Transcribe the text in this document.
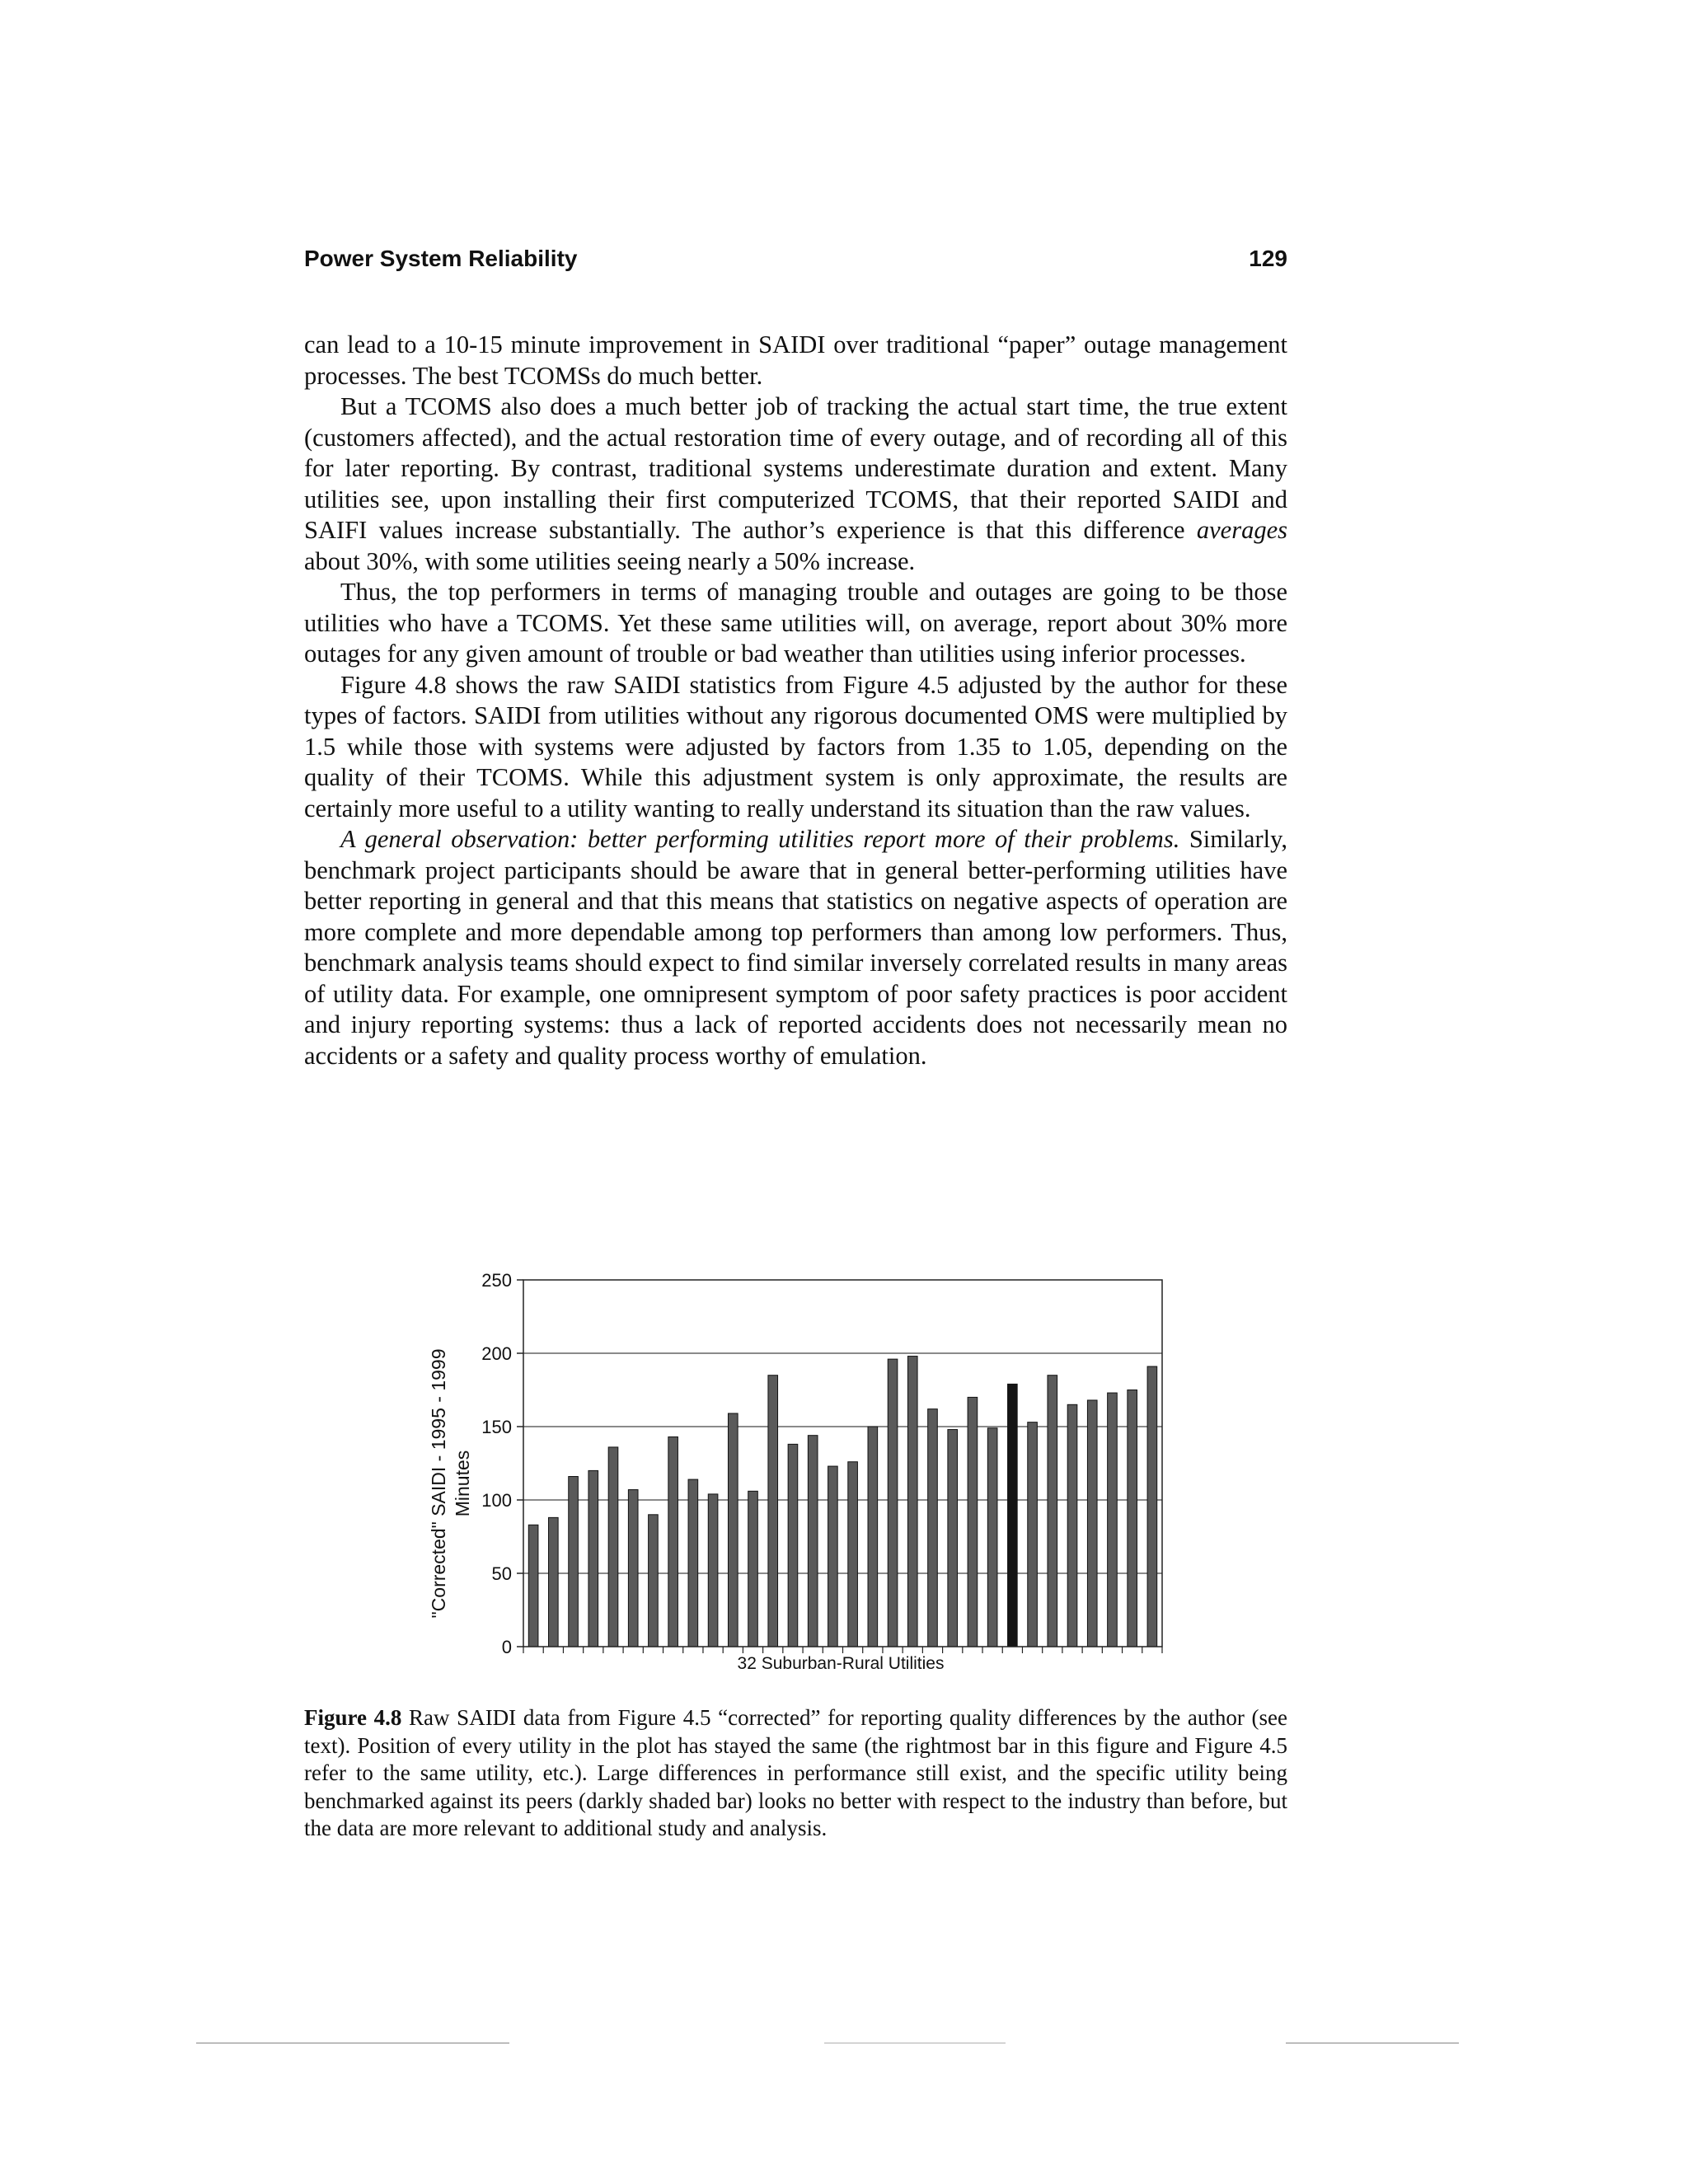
Power System Reliability	129

can lead to a 10-15 minute improvement in SAIDI over traditional “paper” outage management processes. The best TCOMSs do much better.

But a TCOMS also does a much better job of tracking the actual start time, the true extent (customers affected), and the actual restoration time of every outage, and of recording all of this for later reporting. By contrast, traditional systems underestimate duration and extent. Many utilities see, upon installing their first computerized TCOMS, that their reported SAIDI and SAIFI values increase substantially. The author’s experience is that this difference averages about 30%, with some utilities seeing nearly a 50% increase.

Thus, the top performers in terms of managing trouble and outages are going to be those utilities who have a TCOMS. Yet these same utilities will, on average, report about 30% more outages for any given amount of trouble or bad weather than utilities using inferior processes.

Figure 4.8 shows the raw SAIDI statistics from Figure 4.5 adjusted by the author for these types of factors. SAIDI from utilities without any rigorous documented OMS were multiplied by 1.5 while those with systems were adjusted by factors from 1.35 to 1.05, depending on the quality of their TCOMS. While this adjustment system is only approximate, the results are certainly more useful to a utility wanting to really understand its situation than the raw values.

A general observation: better performing utilities report more of their problems. Similarly, benchmark project participants should be aware that in general better-performing utilities have better reporting in general and that this means that statistics on negative aspects of operation are more complete and more dependable among top performers than among low performers. Thus, benchmark analysis teams should expect to find similar inversely correlated results in many areas of utility data. For example, one omnipresent symptom of poor safety practices is poor accident and injury reporting systems: thus a lack of reported accidents does not necessarily mean no accidents or a safety and quality process worthy of emulation.

0
50
100
150
200
250
"Corrected" SAIDI - 1995 - 1999 Minutes
32 Suburban-Rural Utilities
Figure 4.8 Raw SAIDI data from Figure 4.5 “corrected” for reporting quality differences by the author (see text). Position of every utility in the plot has stayed the same (the rightmost bar in this figure and Figure 4.5 refer to the same utility, etc.). Large differences in performance still exist, and the specific utility being benchmarked against its peers (darkly shaded bar) looks no better with respect to the industry than before, but the data are more relevant to additional study and analysis.
